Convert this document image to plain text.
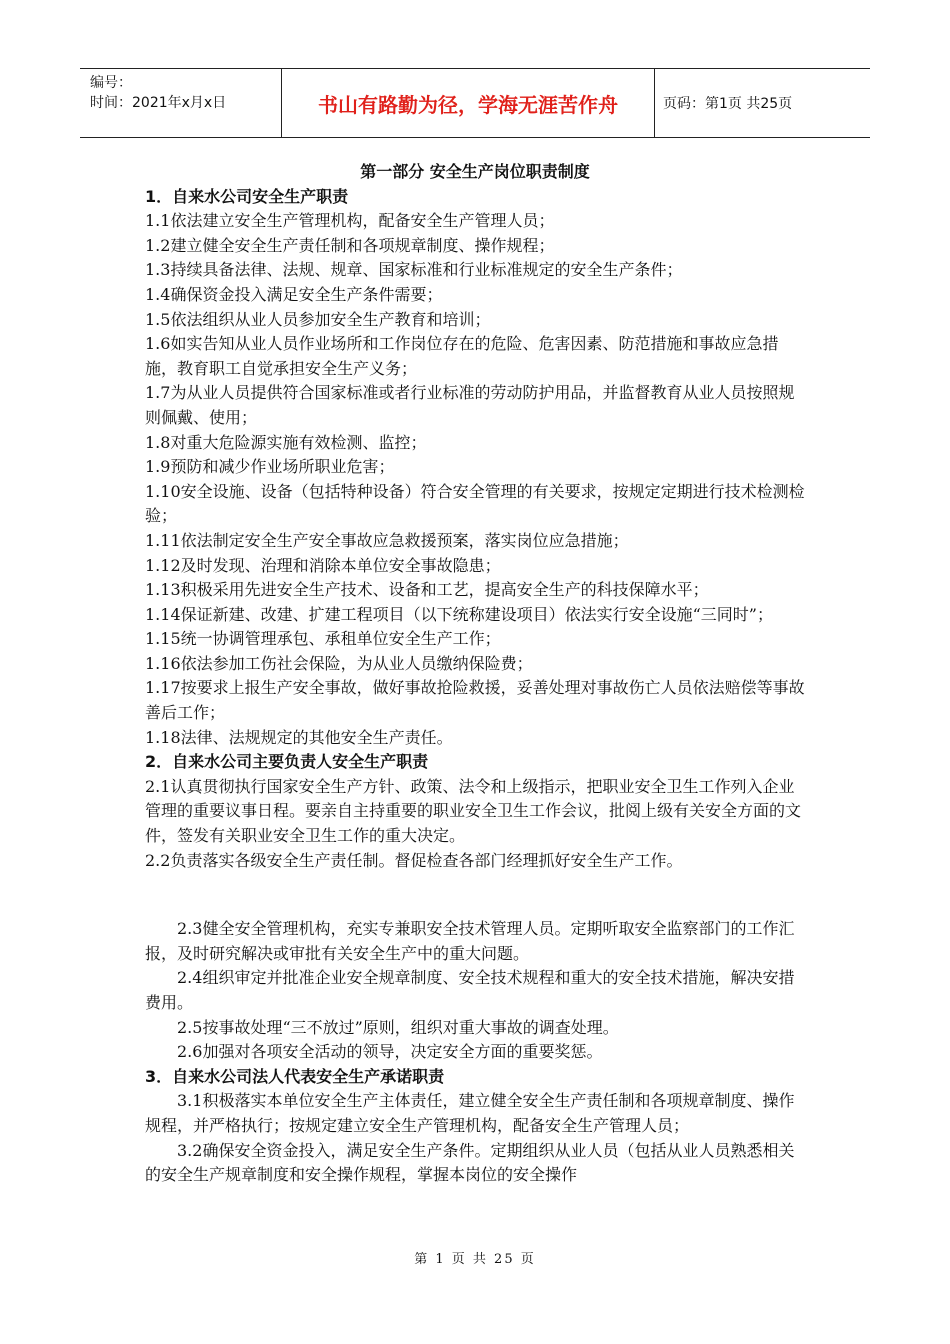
编号：
时间：2021年x月x日	书山有路勤为径，学海无涯苦作舟	页码：第1页 共25页
第一部分 安全生产岗位职责制度
1．自来水公司安全生产职责

1.1依法建立安全生产管理机构，配备安全生产管理人员；

1.2建立健全安全生产责任制和各项规章制度、操作规程；

1.3持续具备法律、法规、规章、国家标准和行业标准规定的安全生产条件；

1.4确保资金投入满足安全生产条件需要；

1.5依法组织从业人员参加安全生产教育和培训；

1.6如实告知从业人员作业场所和工作岗位存在的危险、危害因素、防范措施和事故应急措施，教育职工自觉承担安全生产义务；

1.7为从业人员提供符合国家标准或者行业标准的劳动防护用品，并监督教育从业人员按照规则佩戴、使用；

1.8对重大危险源实施有效检测、监控；

1.9预防和减少作业场所职业危害；

1.10安全设施、设备（包括特种设备）符合安全管理的有关要求，按规定定期进行技术检测检验；

1.11依法制定安全生产安全事故应急救援预案，落实岗位应急措施；

1.12及时发现、治理和消除本单位安全事故隐患；

1.13积极采用先进安全生产技术、设备和工艺，提高安全生产的科技保障水平；

1.14保证新建、改建、扩建工程项目（以下统称建设项目）依法实行安全设施“三同时”；

1.15统一协调管理承包、承租单位安全生产工作；

1.16依法参加工伤社会保险，为从业人员缴纳保险费；

1.17按要求上报生产安全事故，做好事故抢险救援，妥善处理对事故伤亡人员依法赔偿等事故善后工作；

1.18法律、法规规定的其他安全生产责任。

2．自来水公司主要负责人安全生产职责

2.1认真贯彻执行国家安全生产方针、政策、法令和上级指示，把职业安全卫生工作列入企业管理的重要议事日程。要亲自主持重要的职业安全卫生工作会议，批阅上级有关安全方面的文件，签发有关职业安全卫生工作的重大决定。

2.2负责落实各级安全生产责任制。督促检查各部门经理抓好安全生产工作。

2.3健全安全管理机构，充实专兼职安全技术管理人员。定期听取安全监察部门的工作汇报，及时研究解决或审批有关安全生产中的重大问题。

2.4组织审定并批准企业安全规章制度、安全技术规程和重大的安全技术措施，解决安措费用。

2.5按事故处理“三不放过”原则，组织对重大事故的调查处理。

2.6加强对各项安全活动的领导，决定安全方面的重要奖惩。

3．自来水公司法人代表安全生产承诺职责

3.1积极落实本单位安全生产主体责任，建立健全安全生产责任制和各项规章制度、操作规程，并严格执行；按规定建立安全生产管理机构，配备安全生产管理人员；

3.2确保安全资金投入，满足安全生产条件。定期组织从业人员（包括从业人员熟悉相关的安全生产规章制度和安全操作规程，掌握本岗位的安全操作

第 1 页 共 25 页
